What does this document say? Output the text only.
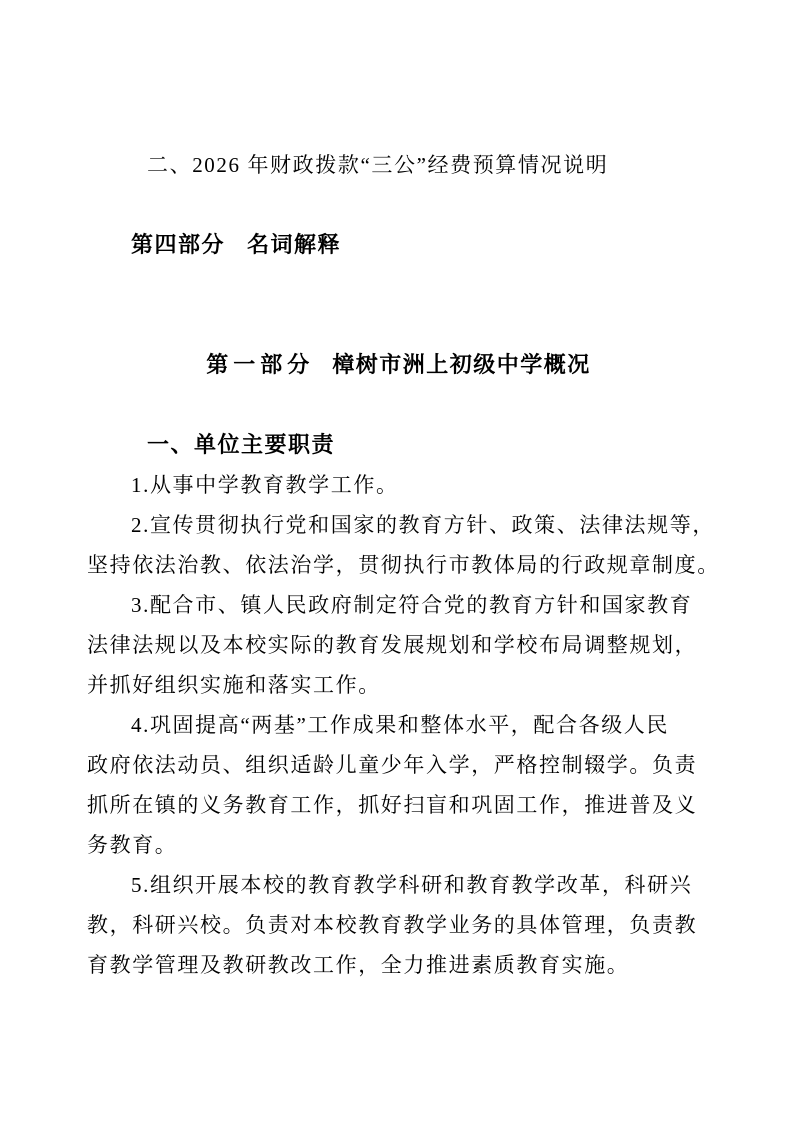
二、2026 年财政拨款“三公”经费预算情况说明
第四部分 名词解释
第一部分 樟树市洲上初级中学概况
一、单位主要职责
1.从事中学教育教学工作。
2.宣传贯彻执行党和国家的教育方针、政策、法律法规等，
坚持依法治教、依法治学，贯彻执行市教体局的行政规章制度。
3.配合市、镇人民政府制定符合党的教育方针和国家教育
法律法规以及本校实际的教育发展规划和学校布局调整规划，
并抓好组织实施和落实工作。
4.巩固提高“两基”工作成果和整体水平，配合各级人民
政府依法动员、组织适龄儿童少年入学，严格控制辍学。负责
抓所在镇的义务教育工作，抓好扫盲和巩固工作，推进普及义
务教育。
5.组织开展本校的教育教学科研和教育教学改革，科研兴
教，科研兴校。负责对本校教育教学业务的具体管理，负责教
育教学管理及教研教改工作，全力推进素质教育实施。
